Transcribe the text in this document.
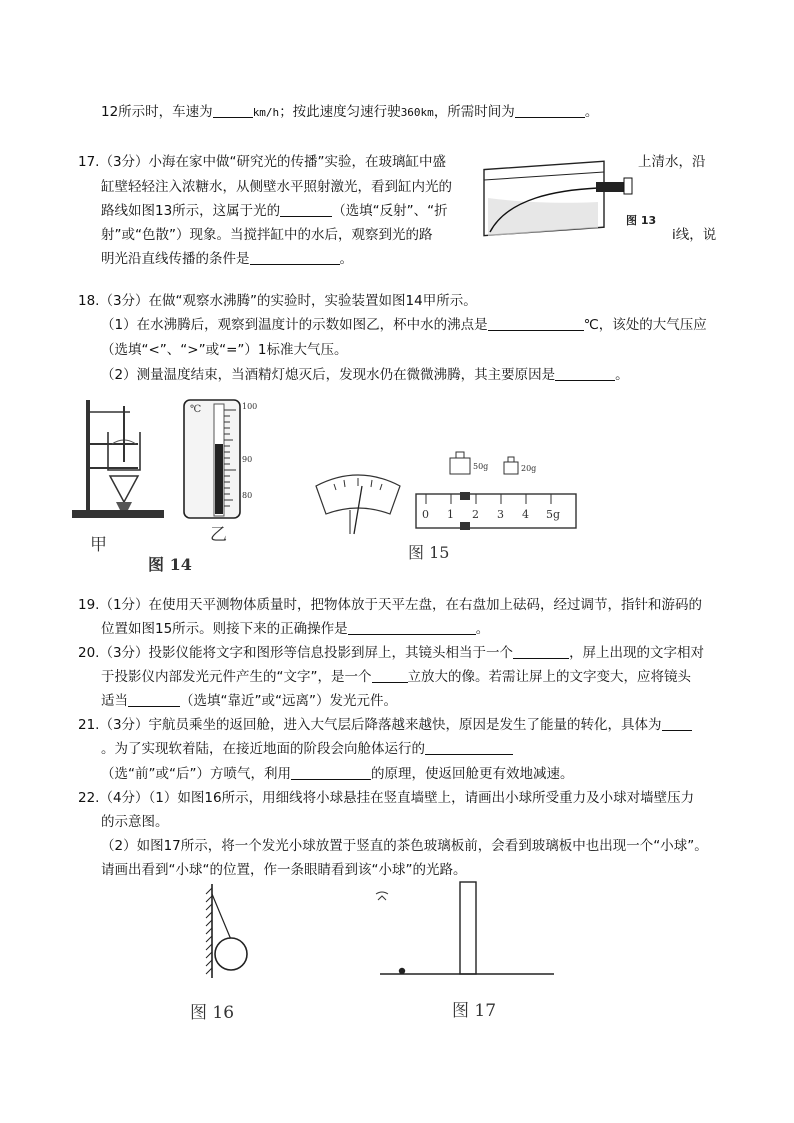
12所示时，车速为	km/h；按此速度匀速行驶360km，所需时间为	。
17.（3分）小海在家中做“研究光的传播”实验，在玻璃缸中盛	上清水，沿
缸壁轻轻注入浓糖水，从侧壁水平照射激光，看到缸内光的
路线如图13所示，这属于光的	（选填“反射”、“折
射”或“色散”）现象。当搅拌缸中的水后，观察到光的路	i线，说
明光沿直线传播的条件是	。
图 13
18.（3分）在做“观察水沸腾”的实验时，实验装置如图14甲所示。
（1）在水沸腾后，观察到温度计的示数如图乙，杯中水的沸点是	℃，该处的大气压应
（选填“<”、“>”或“=”）1标准大气压。
（2）测量温度结束，当酒精灯熄灭后，发现水仍在微微沸腾，其主要原因是	。
℃	100
90
80
甲	乙
图 14
50g	20g
0 1 2 3 4 5g
图 15
19.（1分）在使用天平测物体质量时，把物体放于天平左盘，在右盘加上砝码，经过调节，指针和游码的
位置如图15所示。则接下来的正确操作是	。
20.（3分）投影仪能将文字和图形等信息投影到屏上，其镜头相当于一个	，屏上出现的文字相对
于投影仪内部发光元件产生的“文字”，是一个	立放大的像。若需让屏上的文字变大，应将镜头
适当	（选填“靠近”或“远离”）发光元件。
21.（3分）宇航员乘坐的返回舱，进入大气层后降落越来越快，原因是发生了能量的转化，具体为
。为了实现软着陆，在接近地面的阶段会向舱体运行的
（选“前”或“后”）方喷气，利用	的原理，使返回舱更有效地减速。
22.（4分）（1）如图16所示，用细线将小球悬挂在竖直墙壁上，请画出小球所受重力及小球对墙壁压力
的示意图。
（2）如图17所示，将一个发光小球放置于竖直的茶色玻璃板前，会看到玻璃板中也出现一个“小球”。
请画出看到“小球“的位置，作一条眼睛看到该“小球”的光路。
图 16	图 17
